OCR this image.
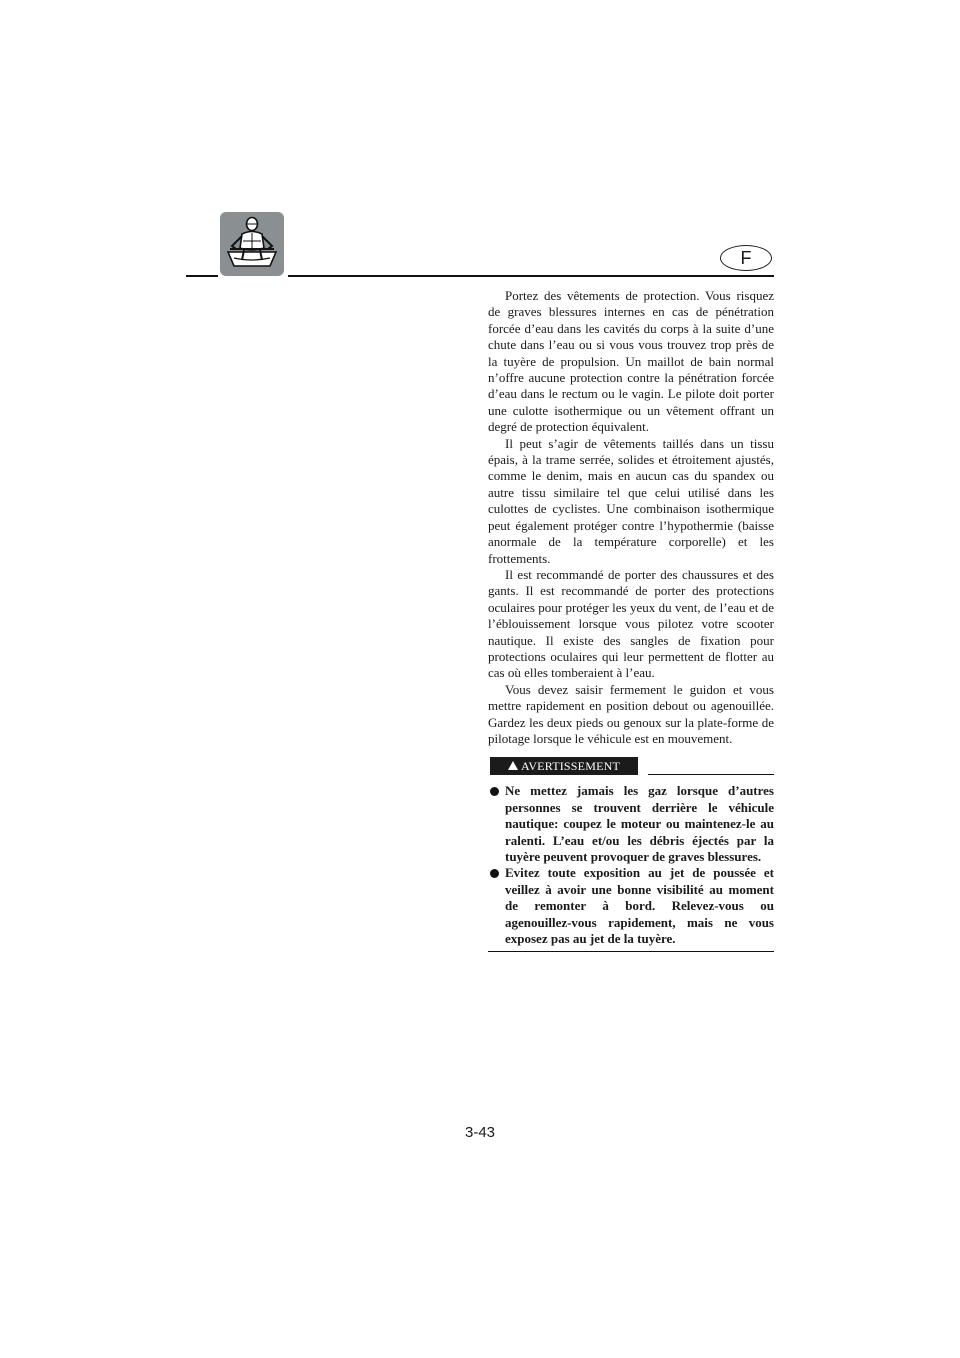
F

Portez des vêtements de protection. Vous risquez de graves blessures internes en cas de pénétration forcée d’eau dans les cavités du corps à la suite d’une chute dans l’eau ou si vous vous trouvez trop près de la tuyère de propulsion. Un maillot de bain normal n’offre aucune protection contre la pénétration forcée d’eau dans le rectum ou le vagin. Le pilote doit porter une culotte isothermique ou un vêtement offrant un degré de protection équivalent.

Il peut s’agir de vêtements taillés dans un tissu épais, à la trame serrée, solides et étroitement ajustés, comme le denim, mais en aucun cas du spandex ou autre tissu similaire tel que celui utilisé dans les culottes de cyclistes. Une combinaison isothermique peut également protéger contre l’hypothermie (baisse anormale de la température corporelle) et les frottements.

Il est recommandé de porter des chaussures et des gants. Il est recommandé de porter des protections oculaires pour protéger les yeux du vent, de l’eau et de l’éblouissement lorsque vous pilotez votre scooter nautique. Il existe des sangles de fixation pour protections oculaires qui leur permettent de flotter au cas où elles tomberaient à l’eau.

Vous devez saisir fermement le guidon et vous mettre rapidement en position debout ou agenouillée. Gardez les deux pieds ou genoux sur la plate-forme de pilotage lorsque le véhicule est en mouvement.

AVERTISSEMENT
Ne mettez jamais les gaz lorsque d’autres personnes se trouvent derrière le véhicule nautique: coupez le moteur ou maintenez-le au ralenti. L’eau et/ou les débris éjectés par la tuyère peuvent provoquer de graves blessures.
Evitez toute exposition au jet de poussée et veillez à avoir une bonne visibilité au moment de remonter à bord. Relevez-vous ou agenouillez-vous rapidement, mais ne vous exposez pas au jet de la tuyère.
3-43
